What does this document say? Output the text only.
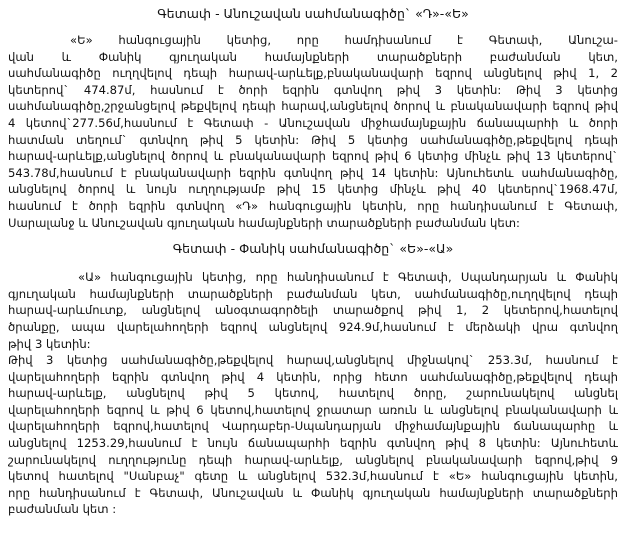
Գետափ - Անուշավան սահմանագիծը` «Դ»-«Ե»
«Ե» հանգուցային կետից, որը համդիսանում է Գետափ, Անուշա-
վան և Փանիկ գյուղական համայնքների տարածքների բաժանման կետ,
սահմանագիծը ուղղվելով դեպի հարավ-արևելք,բնականավարի եզրով անցնելով թիվ 1, 2
կետերով` 474.87մ, հասնում է ծորի եզրին գտնվող թիվ 3 կետին: Թիվ 3 կետից
սահմանագիծը,շրջանցելով թեքվելով դեպի հարավ,անցնելով ծորով և բնականավարի եզրով թիվ
4 կետով`277.56մ,հասնում է Գետափ - Անուշավան միջհամայնքային ճանապարհի և ծորի
հատման տեղում` գտնվող թիվ 5 կետին: Թիվ 5 կետից սահմանագիծը,թեքվելով դեպի
հարավ-արևելք,անցնելով ծորով և բնականավարի եզրով թիվ 6 կետից մինչև թիվ 13 կետերով`
543.78մ,հասնում է բնականավարի եզրին գտնվող թիվ 14 կետին: Այնուհետև սահմանագիծը,
անցնելով ծորով և նույն ուղղությամբ թիվ 15 կետից մինչև թիվ 40 կետերով`1968.47մ,
հասնում է ծորի եզրին գտնվող «Դ» հանգուցային կետին, որը հանդիսանում է Գետափ,
Սարալանջ և Անուշավան գյուղական համայնքների տարածքների բաժանման կետ:
Գետափ - Փանիկ սահմանագիծը` «Ե»-«Ա»
«Ա» հանգուցային կետից, որը հանդիսանում է Գետափ, Սպանդարյան և Փանիկ
գյուղական համայնքների տարածքների բաժանման կետ, սահմանագիծը,ուղղվելով դեպի
հարավ-արևմուտք, անցնելով անօգտագործելի տարածքով թիվ 1, 2 կետերով,հատելով
ծրանքը, ապա վարելահողերի եզրով անցնելով 924.9մ,հասնում է մերձակի վրա գտնվող
թիվ 3 կետին:
Թիվ 3 կետից սահմանագիծը,թեքվելով հարավ,անցնելով միջնակով` 253.3մ, հասնում է
վարելահողերի եզրին գտնվող թիվ 4 կետին, որից հետո սահմանագիծը,թեքվելով դեպի
հարավ-արևելք, անցնելով թիվ 5 կետով, հատելով ծորը, շարունակելով անցնել
վարելահողերի եզրով և թիվ 6 կետով,հատելով ջրատար առուն և անցնելով բնականավարի և
վարելահողերի եզրով,հատելով Վարդաբեր-Սպանդարյան միջհամայնքային ճանապարհը և
անցնելով 1253.29,հասնում է նույն ճանապարհի եզրին գտնվող թիվ 8 կետին: Այնուհետև
շարունակելով ուղղությունը դեպի հարավ-արևելք, անցնելով բնականավարի եզրով,թիվ 9
կետով հատելով "Սանբաչ" գետը և անցնելով 532.3մ,հասնում է «Ե» հանգուցային կետին,
որը հանդիսանում է Գետափ, Անուշավան և Փանիկ գյուղական համայնքների տարածքների
բաժանման կետ :
